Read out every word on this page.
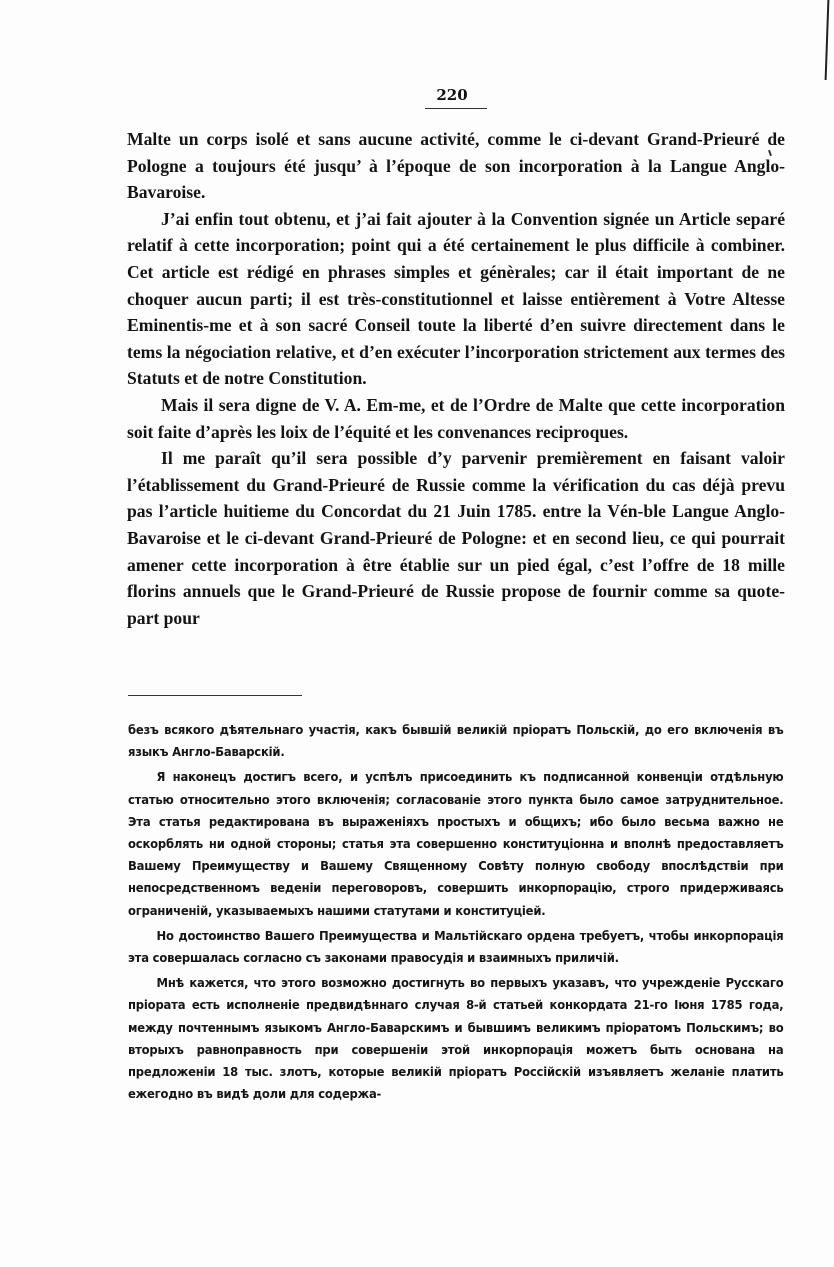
220

Malte un corps isolé et sans aucune activité, comme le ci-devant Grand-Prieuré de Pologne a toujours été jusqu’ à l’époque de son incorporation à la Langue Anglo-Bavaroise.

J’ai enfin tout obtenu, et j’ai fait ajouter à la Convention signée un Article separé relatif à cette incorporation; point qui a été certainement le plus difficile à combiner. Cet article est rédigé en phrases simples et génèrales; car il était important de ne choquer aucun parti; il est très-constitutionnel et laisse entièrement à Votre Altesse Eminentis-me et à son sacré Conseil toute la liberté d’en suivre directement dans le tems la négociation relative, et d’en exécuter l’incorporation strictement aux termes des Statuts et de notre Constitution.

Mais il sera digne de V. A. Em-me, et de l’Ordre de Malte que cette incorporation soit faite d’après les loix de l’équité et les convenances reciproques.

Il me paraît qu’il sera possible d’y parvenir premièrement en faisant valoir l’établissement du Grand-Prieuré de Russie comme la vérification du cas déjà prevu pas l’article huitieme du Concordat du 21 Juin 1785. entre la Vén-ble Langue Anglo-Bavaroise et le ci-devant Grand-Prieuré de Pologne: et en second lieu, ce qui pourrait amener cette incorporation à être établie sur un pied égal, c’est l’offre de 18 mille florins annuels que le Grand-Prieuré de Russie propose de fournir comme sa quote-part pour

безъ всякого дѣятельнаго участія, какъ бывшій великій пріоратъ Польскій, до его включенія въ языкъ Англо-Баварскій.

Я наконецъ достигъ всего, и успѣлъ присоединить къ подписанной конвенціи отдѣльную статью относительно этого включенія; согласованіе этого пункта было самое затруднительное. Эта статья редактирована въ выраженіяхъ простыхъ и общихъ; ибо было весьма важно не оскорблять ни одной стороны; статья эта совершенно конституціонна и вполнѣ предоставляетъ Вашему Преимуществу и Вашему Священному Совѣту полную свободу впослѣдствіи при непосредственномъ веденіи переговоровъ, совершить инкорпорацію, строго придерживаясь ограниченій, указываемыхъ нашими статутами и конституціей.

Но достоинство Вашего Преимущества и Мальтійскаго ордена требуетъ, чтобы инкорпорація эта совершалась согласно съ законами правосудія и взаимныхъ приличій.

Мнѣ кажется, что этого возможно достигнуть во первыхъ указавъ, что учрежденіе Русскаго пріората есть исполненіе предвидѣннаго случая 8-й статьей конкордата 21-го Іюня 1785 года, между почтеннымъ языкомъ Англо-Баварскимъ и бывшимъ великимъ пріоратомъ Польскимъ; во вторыхъ равноправность при совершеніи этой инкорпорація можетъ быть основана на предложеніи 18 тыс. злотъ, которые великій пріоратъ Россійскій изъявляетъ желаніе платить ежегодно въ видѣ доли для содержа-
